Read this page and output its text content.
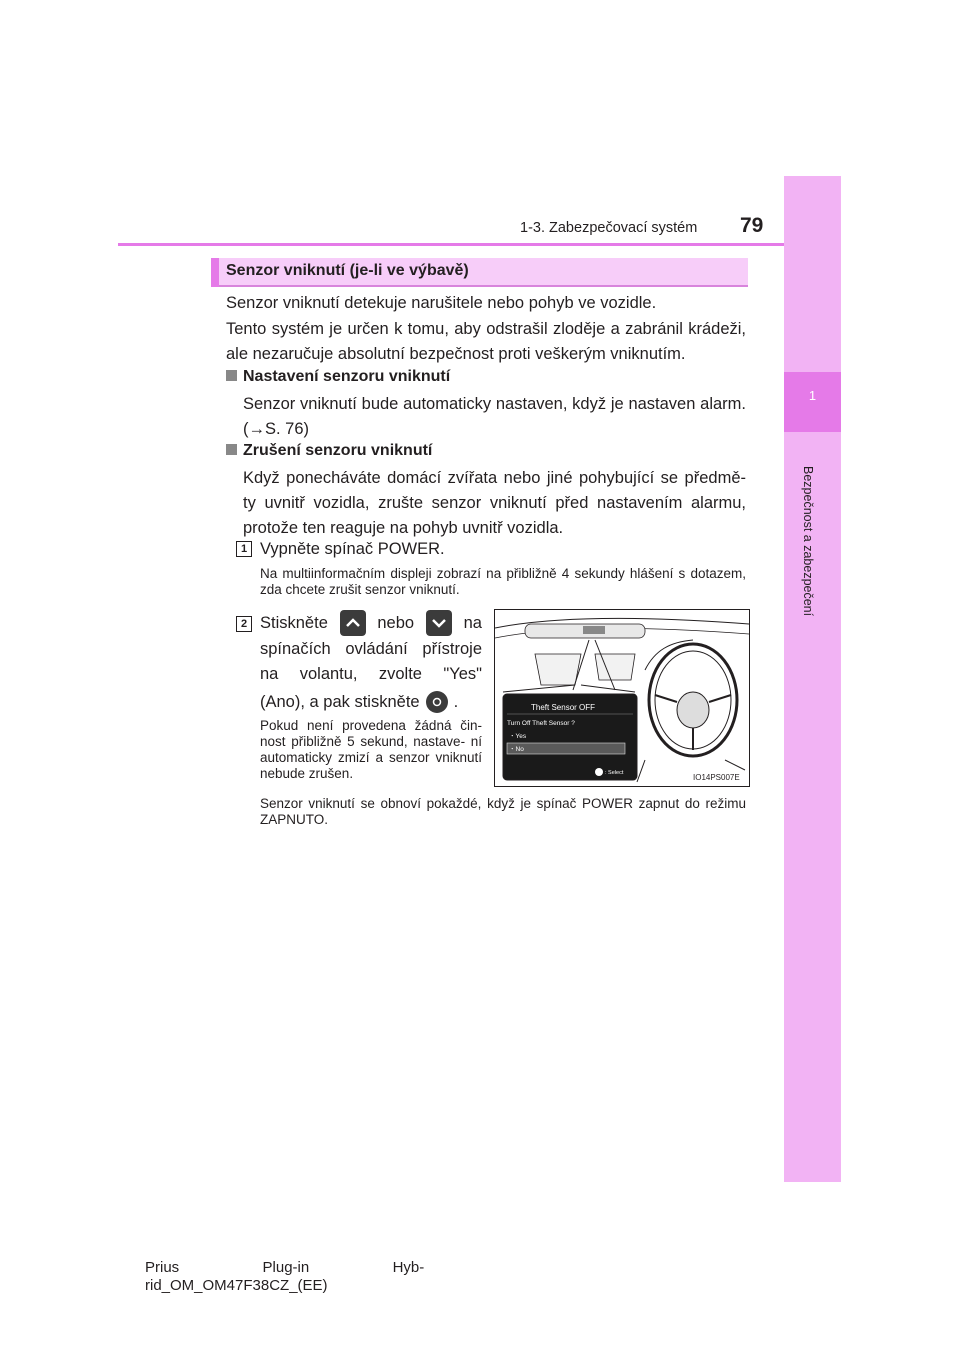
1
Bezpečnost a zabezpečení
1-3. Zabezpečovací systém 79
Senzor vniknutí (je-li ve výbavě)
Senzor vniknutí detekuje narušitele nebo pohyb ve vozidle.
Tento systém je určen k tomu, aby odstrašil zloděje a zabránil krádeži, ale nezaručuje absolutní bezpečnost proti veškerým vniknutím.
Nastavení senzoru vniknutí
Senzor vniknutí bude automaticky nastaven, když je nastaven alarm. (→S. 76)
Zrušení senzoru vniknutí
Když ponecháváte domácí zvířata nebo jiné pohybující se předmě- ty uvnitř vozidla, zrušte senzor vniknutí před nastavením alarmu, protože ten reaguje na pohyb uvnitř vozidla.
1 Vypněte spínač POWER.
Na multiinformačním displeji zobrazí na přibližně 4 sekundy hlášení s dotazem, zda chcete zrušit senzor vniknutí.
2 Stiskněte	nebo	na
spínačích ovládání přístroje
na volantu, zvolte "Yes"
(Ano), a pak stiskněte .
Pokud není provedena žádná čin- nost přibližně 5 sekund, nastave- ní automaticky zmizí a senzor vniknutí nebude zrušen.
Theft Sensor OFF
Turn Off Theft Sensor ?
・Yes
・No
: Select	IO14PS007E
Senzor vniknutí se obnoví pokaždé, když je spínač POWER zapnut do režimu ZAPNUTO.
Prius                    Plug-in                    Hyb-
rid_OM_OM47F38CZ_(EE)
